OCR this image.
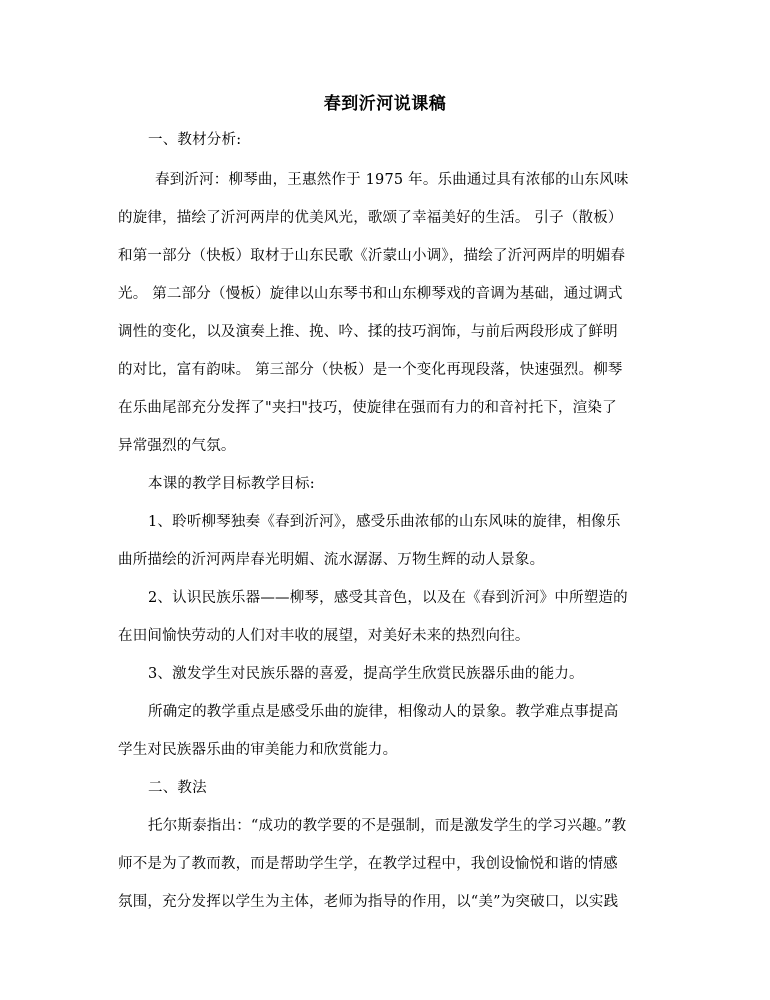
春到沂河说课稿
一、教材分析:
春到沂河：柳琴曲，王惠然作于 1975 年。乐曲通过具有浓郁的山东风味
的旋律，描绘了沂河两岸的优美风光，歌颂了幸福美好的生活。 引子（散板）
和第一部分（快板）取材于山东民歌《沂蒙山小调》，描绘了沂河两岸的明媚春
光。 第二部分（慢板）旋律以山东琴书和山东柳琴戏的音调为基础，通过调式
调性的变化，以及演奏上推、挽、吟、揉的技巧润饰，与前后两段形成了鲜明
的对比，富有韵味。 第三部分（快板）是一个变化再现段落，快速强烈。柳琴
在乐曲尾部充分发挥了"夹扫"技巧，使旋律在强而有力的和音衬托下，渲染了
异常强烈的气氛。
本课的教学目标教学目标:
1、聆听柳琴独奏《春到沂河》，感受乐曲浓郁的山东风味的旋律，相像乐
曲所描绘的沂河两岸春光明媚、流水潺潺、万物生辉的动人景象。
2、认识民族乐器——柳琴，感受其音色，以及在《春到沂河》中所塑造的
在田间愉快劳动的人们对丰收的展望，对美好未来的热烈向往。
3、激发学生对民族乐器的喜爱，提高学生欣赏民族器乐曲的能力。
所确定的教学重点是感受乐曲的旋律，相像动人的景象。教学难点事提高
学生对民族器乐曲的审美能力和欣赏能力。
二、教法
托尔斯泰指出：“成功的教学要的不是强制，而是激发学生的学习兴趣。”教
师不是为了教而教，而是帮助学生学，在教学过程中，我创设愉悦和谐的情感
氛围，充分发挥以学生为主体，老师为指导的作用，以“美”为突破口，以实践
